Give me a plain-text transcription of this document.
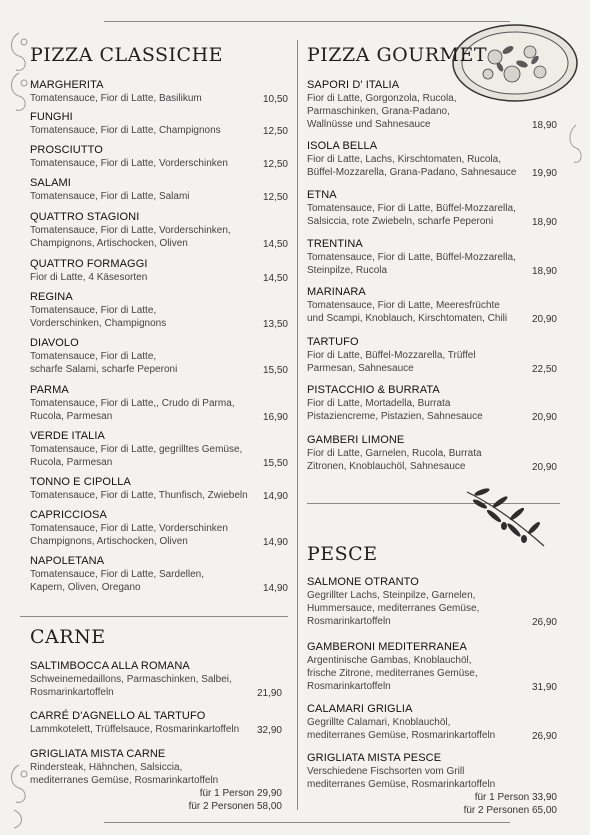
PIZZA CLASSICHE
MARGHERITA
Tomatensauce, Fior di Latte, Basilikum	10,50
FUNGHI
Tomatensauce, Fior di Latte, Champignons	12,50
PROSCIUTTO
Tomatensauce, Fior di Latte, Vorderschinken	12,50
SALAMI
Tomatensauce, Fior di Latte, Salami	12,50
QUATTRO STAGIONI
Tomatensauce, Fior di Latte, Vorderschinken,
Champignons, Artischocken, Oliven	14,50
QUATTRO FORMAGGI
Fior di Latte, 4 Käsesorten	14,50
REGINA
Tomatensauce, Fior di Latte,
Vorderschinken, Champignons	13,50
DIAVOLO
Tomatensauce, Fior di Latte,
scharfe Salami, scharfe Peperoni	15,50
PARMA
Tomatensauce, Fior di Latte,, Crudo di Parma,
Rucola, Parmesan	16,90
VERDE ITALIA
Tomatensauce, Fior di Latte, gegrilltes Gemüse,
Rucola, Parmesan	15,50
TONNO E CIPOLLA
Tomatensauce, Fior di Latte, Thunfisch, Zwiebeln 14,90
CAPRICCIOSA
Tomatensauce, Fior di Latte, Vorderschinken
Champignons, Artischocken, Oliven	14,90
NAPOLETANA
Tomatensauce, Fior di Latte, Sardellen,
Kapern, Oliven, Oregano	14,90
CARNE
SALTIMBOCCA ALLA ROMANA
Schweinemedaillons, Parmaschinken, Salbei,
Rosmarinkartoffeln	21,90
CARRÉ D'AGNELLO AL TARTUFO
Lammkotelett, Trüffelsauce, Rosmarinkartoffeln 32,90
GRIGLIATA MISTA CARNE
Rindersteak, Hähnchen, Salsiccia,
mediterranes Gemüse, Rosmarinkartoffeln
für 1 Person 29,90
für 2 Personen 58,00
PIZZA GOURMET
SAPORI D' ITALIA
Fior di Latte, Gorgonzola, Rucola,
Parmaschinken, Grana-Padano,
Wallnüsse und Sahnesauce	18,90
ISOLA BELLA
Fior di Latte, Lachs, Kirschtomaten, Rucola,
Büffel-Mozzarella, Grana-Padano, Sahnesauce 19,90
ETNA
Tomatensauce, Fior di Latte, Büffel-Mozzarella,
Salsiccia, rote Zwiebeln, scharfe Peperoni	18,90
TRENTINA
Tomatensauce, Fior di Latte, Büffel-Mozzarella,
Steinpilze, Rucola	18,90
MARINARA
Tomatensauce, Fior di Latte, Meeresfrüchte
und Scampi, Knoblauch, Kirschtomaten, Chili	20,90
TARTUFO
Fior di Latte, Büffel-Mozzarella, Trüffel
Parmesan, Sahnesauce	22,50
PISTACCHIO & BURRATA
Fior di Latte, Mortadella, Burrata
Pistaziencreme, Pistazien, Sahnesauce	20,90
GAMBERI LIMONE
Fior di Latte, Garnelen, Rucola, Burrata
Zitronen, Knoblauchöl, Sahnesauce	20,90
PESCE
SALMONE OTRANTO
Gegrillter Lachs, Steinpilze, Garnelen,
Hummersauce, mediterranes Gemüse,
Rosmarinkartoffeln	26,90
GAMBERONI MEDITERRANEA
Argentinische Gambas, Knoblauchöl,
frische Zitrone, mediterranes Gemüse,
Rosmarinkartoffeln	31,90
CALAMARI GRIGLIA
Gegrillte Calamari, Knoblauchöl,
mediterranes Gemüse, Rosmarinkartoffeln	26,90
GRIGLIATA MISTA PESCE
Verschiedene Fischsorten vom Grill
mediterranes Gemüse, Rosmarinkartoffeln
für 1 Person 33,90
für 2 Personen 65,00
